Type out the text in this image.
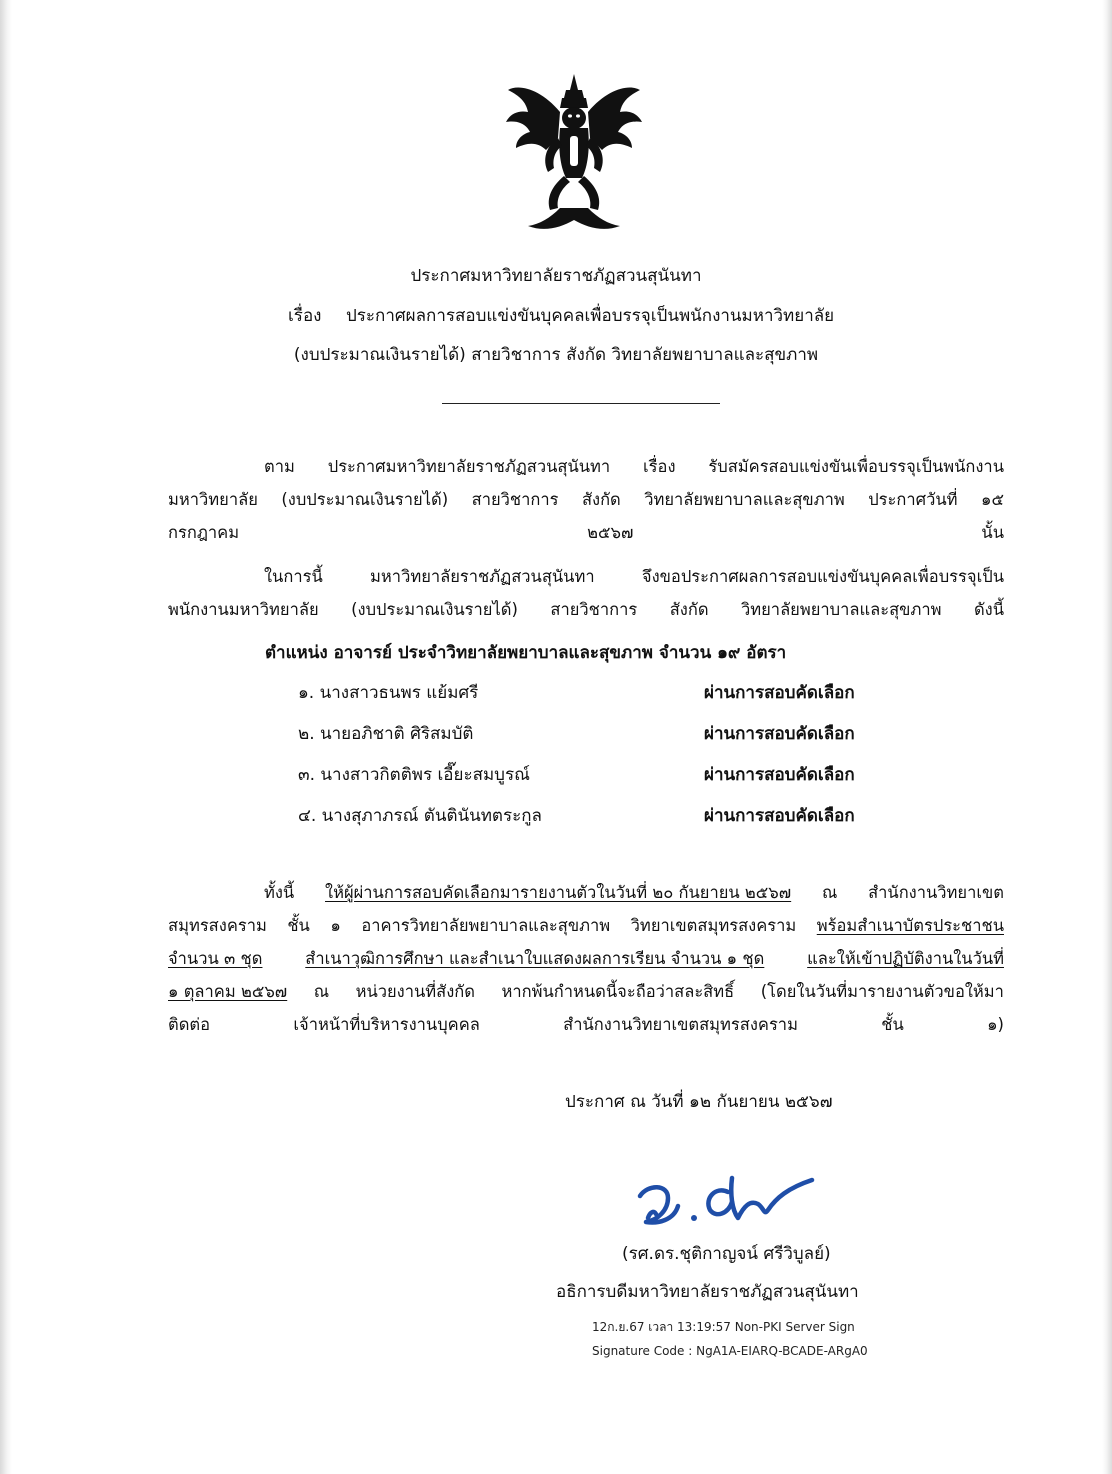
ประกาศมหาวิทยาลัยราชภัฏสวนสุนันทา
เรื่อง ประกาศผลการสอบแข่งขันบุคคลเพื่อบรรจุเป็นพนักงานมหาวิทยาลัย
(งบประมาณเงินรายได้) สายวิชาการ สังกัด วิทยาลัยพยาบาลและสุขภาพ
ตาม ประกาศมหาวิทยาลัยราชภัฏสวนสุนันทา เรื่อง รับสมัครสอบแข่งขันเพื่อบรรจุเป็นพนักงาน
มหาวิทยาลัย (งบประมาณเงินรายได้) สายวิชาการ สังกัด วิทยาลัยพยาบาลและสุขภาพ ประกาศวันที่ ๑๕
กรกฎาคม ๒๕๖๗ นั้น
ในการนี้	มหาวิทยาลัยราชภัฏสวนสุนันทา	จึงขอประกาศผลการสอบแข่งขันบุคคลเพื่อบรรจุเป็น
พนักงานมหาวิทยาลัย (งบประมาณเงินรายได้) สายวิชาการ สังกัด วิทยาลัยพยาบาลและสุขภาพ ดังนี้
ตำแหน่ง อาจารย์ ประจำวิทยาลัยพยาบาลและสุขภาพ จำนวน ๑๙ อัตรา
๑. นางสาวธนพร แย้มศรี	ผ่านการสอบคัดเลือก
๒. นายอภิชาติ ศิริสมบัติ	ผ่านการสอบคัดเลือก
๓. นางสาวกิตติพร เอี๊ยะสมบูรณ์	ผ่านการสอบคัดเลือก
๔. นางสุภาภรณ์ ตันตินันทตระกูล	ผ่านการสอบคัดเลือก
ทั้งนี้ ให้ผู้ผ่านการสอบคัดเลือกมารายงานตัวในวันที่ ๒๐ กันยายน ๒๕๖๗ ณ สำนักงานวิทยาเขต
สมุทรสงคราม ชั้น ๑ อาคารวิทยาลัยพยาบาลและสุขภาพ วิทยาเขตสมุทรสงคราม พร้อมสำเนาบัตรประชาชน
จำนวน ๓ ชุด	สำเนาวุฒิการศึกษา และสำเนาใบแสดงผลการเรียน จำนวน ๑ ชุด	และให้เข้าปฏิบัติงานในวันที่
๑ ตุลาคม ๒๕๖๗ ณ หน่วยงานที่สังกัด หากพ้นกำหนดนี้จะถือว่าสละสิทธิ์ (โดยในวันที่มารายงานตัวขอให้มา
ติดต่อ เจ้าหน้าที่บริหารงานบุคคล สำนักงานวิทยาเขตสมุทรสงคราม ชั้น ๑)
ประกาศ ณ วันที่ ๑๒ กันยายน ๒๕๖๗
(รศ.ดร.ชุติกาญจน์ ศรีวิบูลย์)
อธิการบดีมหาวิทยาลัยราชภัฏสวนสุนันทา
12ก.ย.67 เวลา 13:19:57 Non-PKI Server Sign
Signature Code : NgA1A-EIARQ-BCADE-ARgA0
